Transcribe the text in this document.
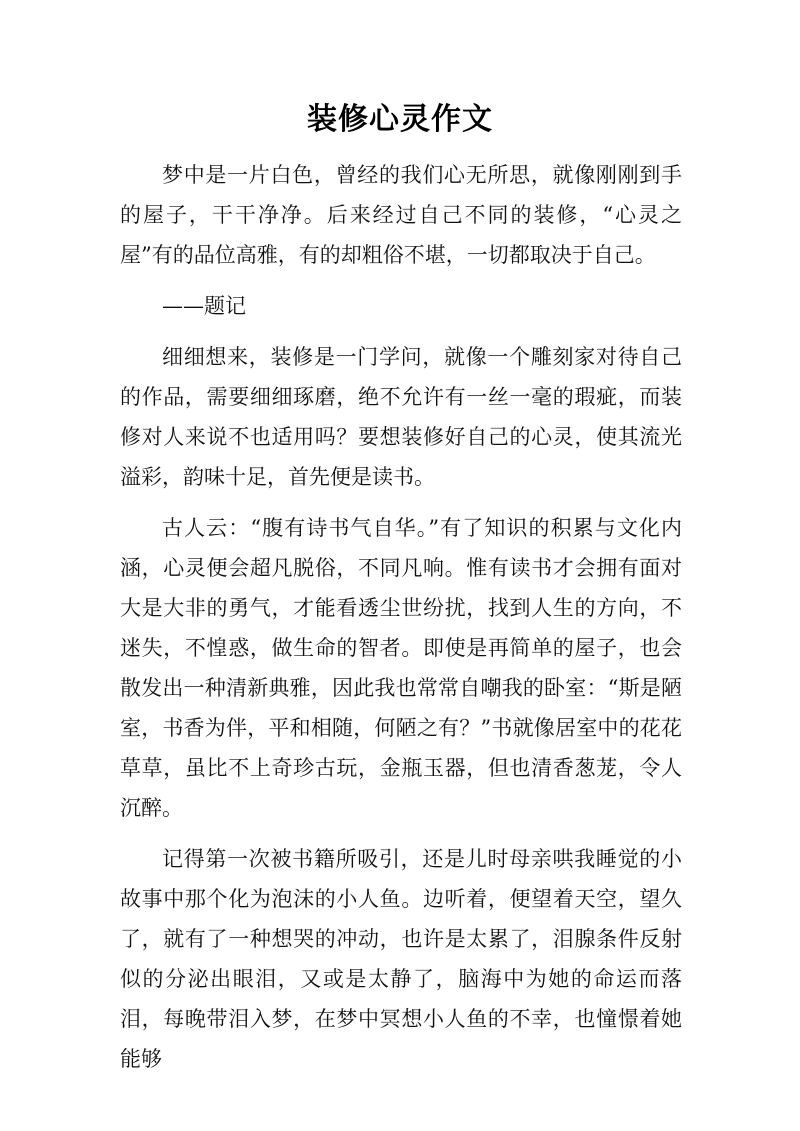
装修心灵作文

梦中是一片白色，曾经的我们心无所思，就像刚刚到手的屋子，干干净净。后来经过自己不同的装修，“心灵之屋”有的品位高雅，有的却粗俗不堪，一切都取决于自己。

——题记

细细想来，装修是一门学问，就像一个雕刻家对待自己的作品，需要细细琢磨，绝不允许有一丝一毫的瑕疵，而装修对人来说不也适用吗？要想装修好自己的心灵，使其流光溢彩，韵味十足，首先便是读书。

古人云：“腹有诗书气自华。”有了知识的积累与文化内涵，心灵便会超凡脱俗，不同凡响。惟有读书才会拥有面对大是大非的勇气，才能看透尘世纷扰，找到人生的方向，不迷失，不惶惑，做生命的智者。即使是再简单的屋子，也会散发出一种清新典雅，因此我也常常自嘲我的卧室：“斯是陋室，书香为伴，平和相随，何陋之有？”书就像居室中的花花草草，虽比不上奇珍古玩，金瓶玉器，但也清香葱茏，令人沉醉。

记得第一次被书籍所吸引，还是儿时母亲哄我睡觉的小故事中那个化为泡沫的小人鱼。边听着，便望着天空，望久了，就有了一种想哭的冲动，也许是太累了，泪腺条件反射似的分泌出眼泪，又或是太静了，脑海中为她的命运而落泪，每晚带泪入梦，在梦中冥想小人鱼的不幸，也憧憬着她能够
